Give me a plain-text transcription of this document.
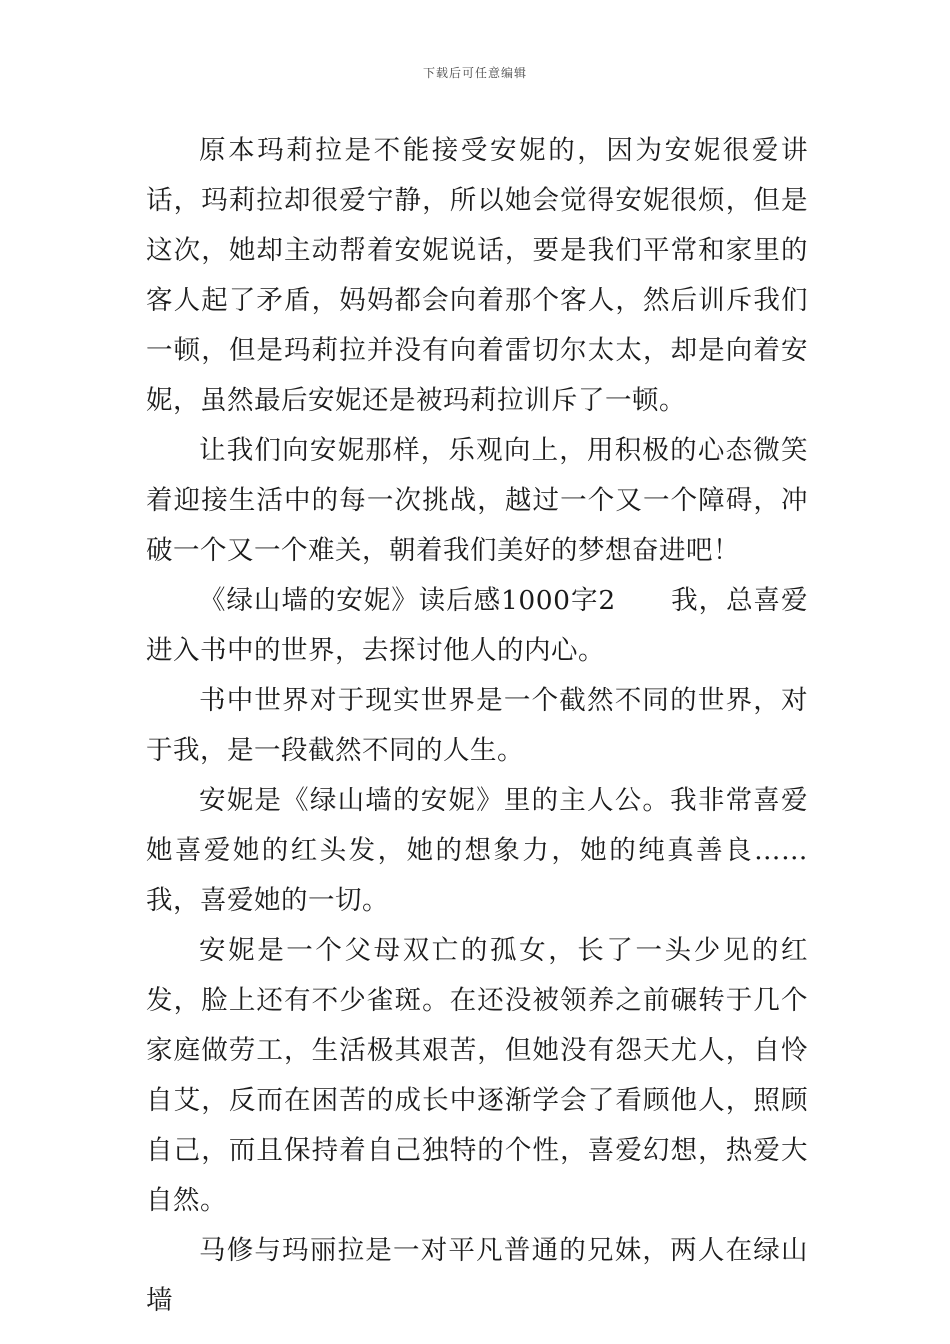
下载后可任意编辑

原本玛莉拉是不能接受安妮的，因为安妮很爱讲话，玛莉拉却很爱宁静，所以她会觉得安妮很烦，但是这次，她却主动帮着安妮说话，要是我们平常和家里的客人起了矛盾，妈妈都会向着那个客人，然后训斥我们一顿，但是玛莉拉并没有向着雷切尔太太，却是向着安妮，虽然最后安妮还是被玛莉拉训斥了一顿。

让我们向安妮那样，乐观向上，用积极的心态微笑着迎接生活中的每一次挑战，越过一个又一个障碍，冲破一个又一个难关，朝着我们美好的梦想奋进吧！

《绿山墙的安妮》读后感1000字2　　我，总喜爱进入书中的世界，去探讨他人的内心。

书中世界对于现实世界是一个截然不同的世界，对于我，是一段截然不同的人生。

安妮是《绿山墙的安妮》里的主人公。我非常喜爱她喜爱她的红头发，她的想象力，她的纯真善良……我，喜爱她的一切。

安妮是一个父母双亡的孤女，长了一头少见的红发，脸上还有不少雀斑。在还没被领养之前碾转于几个家庭做劳工，生活极其艰苦，但她没有怨天尤人，自怜自艾，反而在困苦的成长中逐渐学会了看顾他人，照顾自己，而且保持着自己独特的个性，喜爱幻想，热爱大自然。

马修与玛丽拉是一对平凡普通的兄妹，两人在绿山墙
